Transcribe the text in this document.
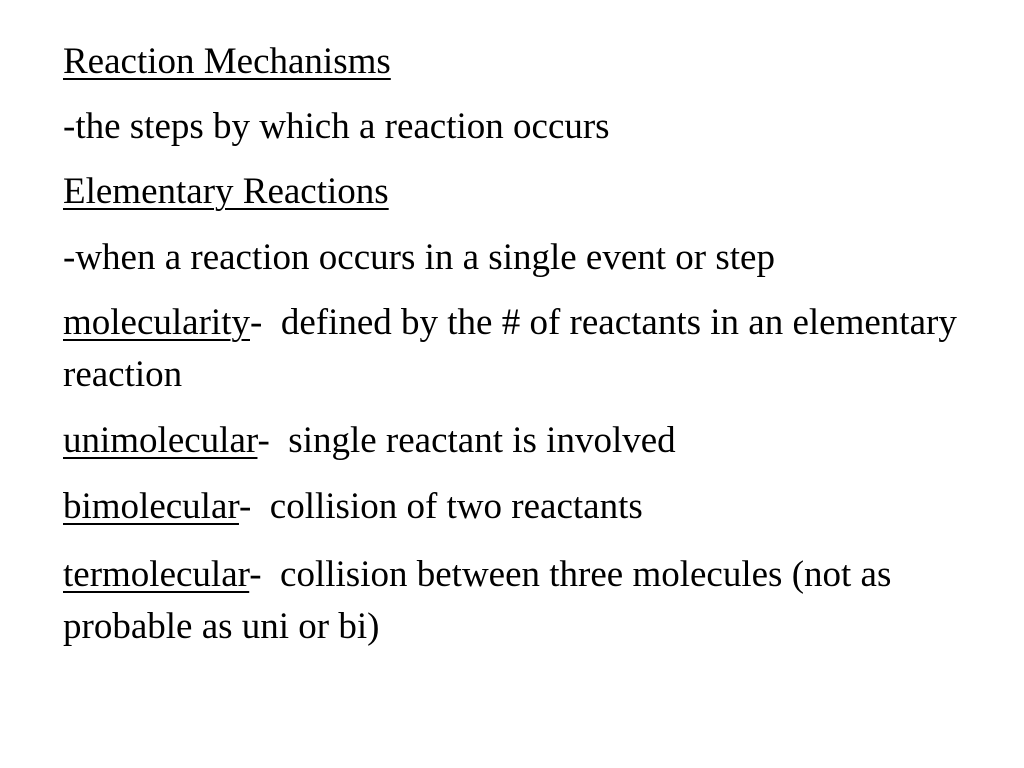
Reaction Mechanisms

-the steps by which a reaction occurs

Elementary Reactions

-when a reaction occurs in a single event or step

molecularity-  defined by the # of reactants in an elementary reaction

unimolecular-  single reactant is involved

bimolecular-  collision of two reactants

termolecular-  collision between three molecules (not as probable as uni or bi)
